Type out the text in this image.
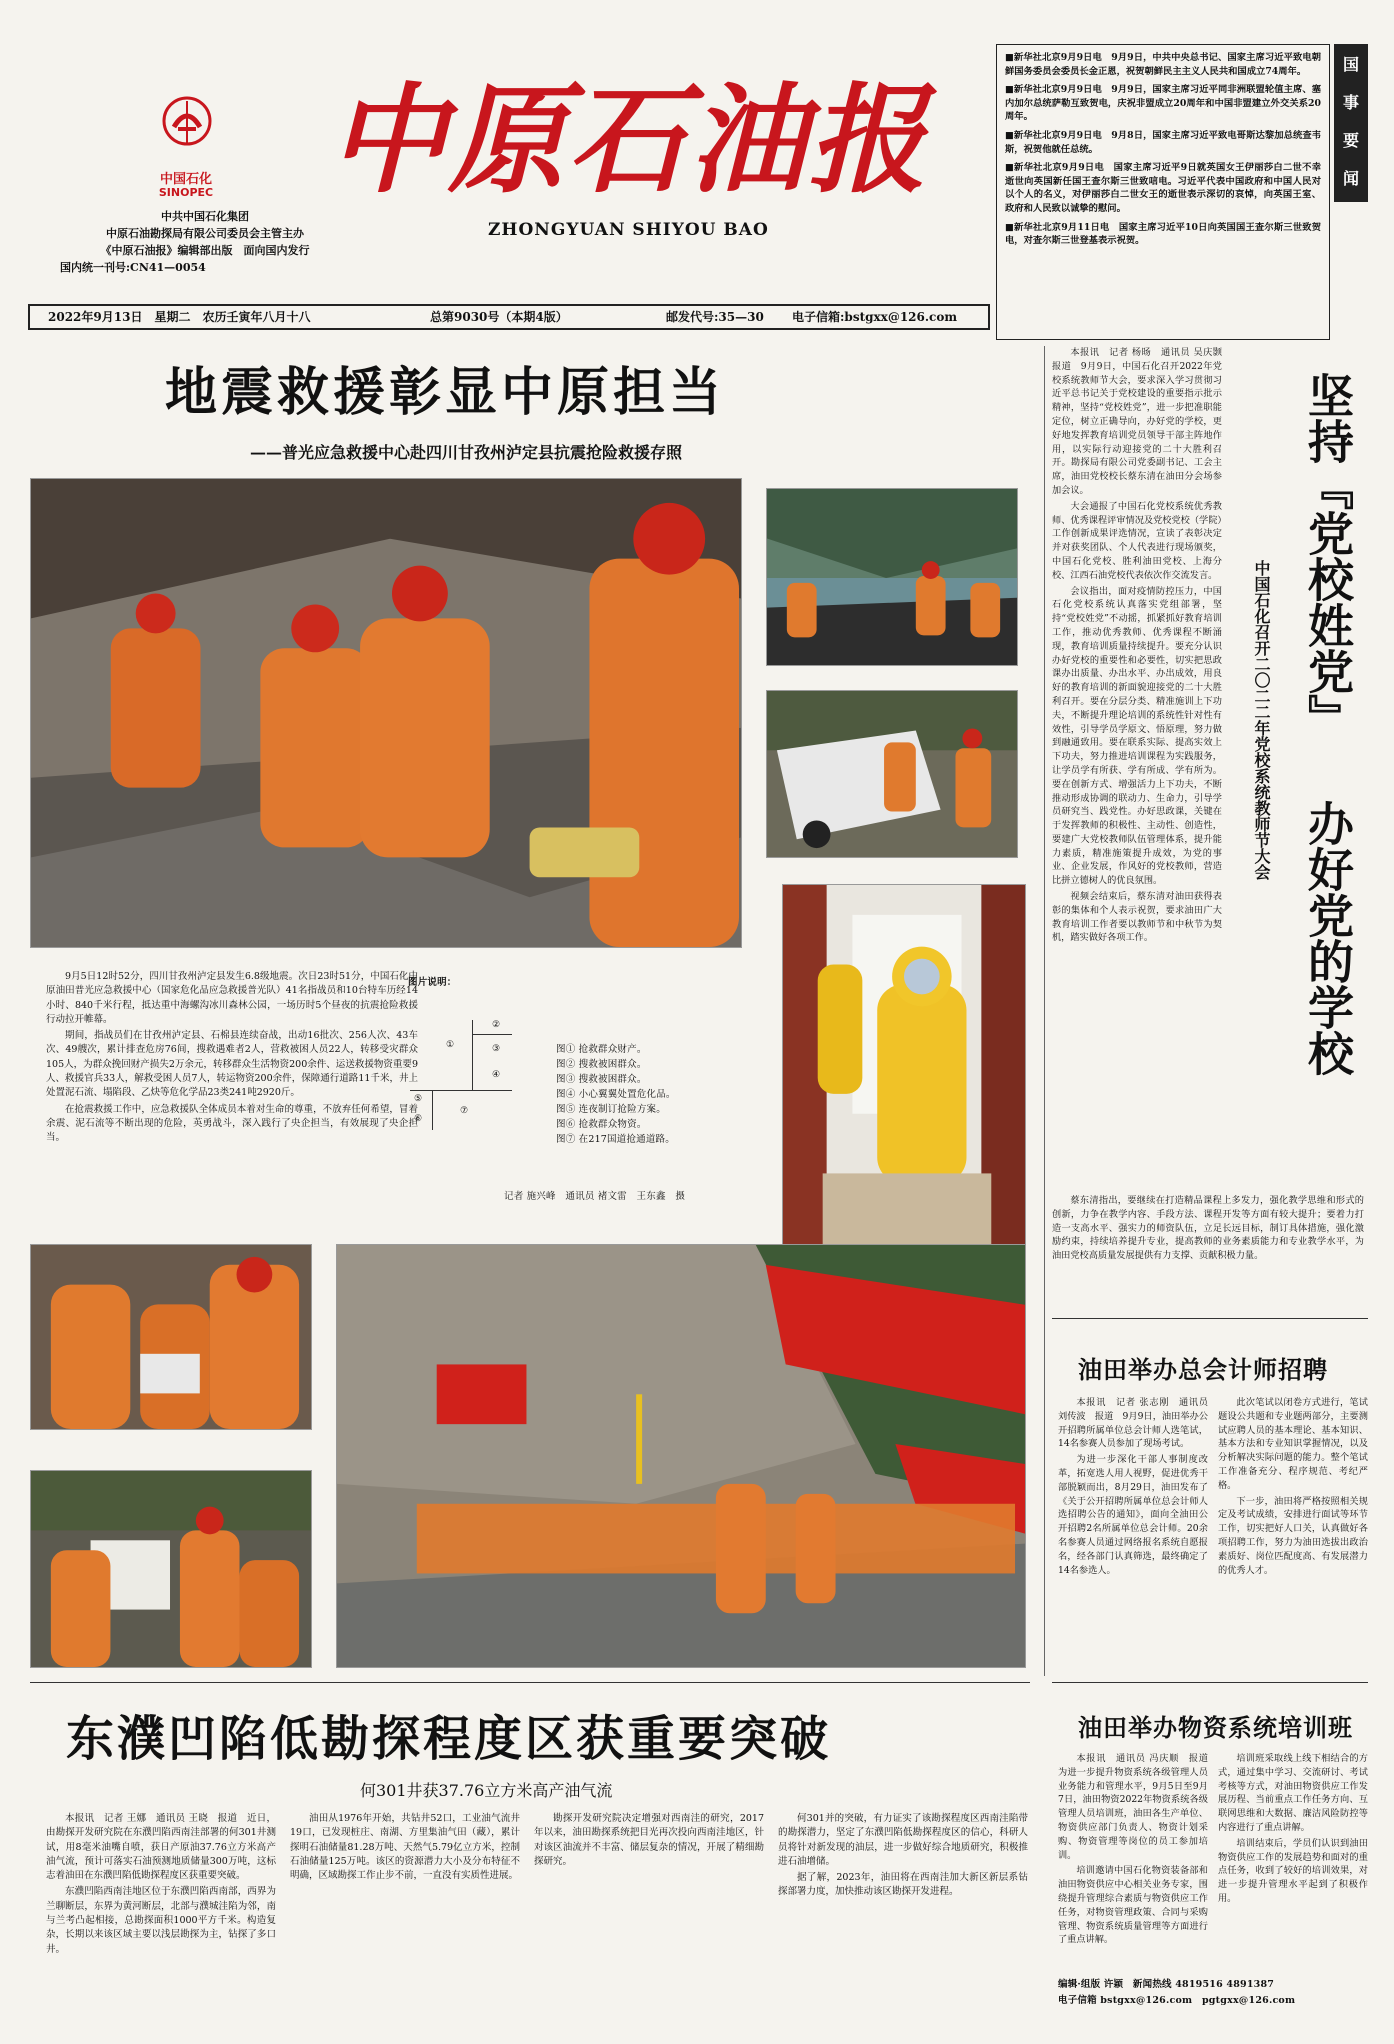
中国石化
SINOPEC 中原石油报
ZHONGYUAN SHIYOU BAO
中共中国石化集团
中原石油勘探局有限公司委员会主管主办
《中原石油报》编辑部出版　面向国内发行
国内统一刊号:CN41—0054
2022年9月13日　星期二　农历壬寅年八月十八	总第9030号（本期4版）	邮发代号:35—30 电子信箱:bstgxx@126.com

■新华社北京9月9日电　9月9日，中共中央总书记、国家主席习近平致电朝鲜国务委员会委员长金正恩，祝贺朝鲜民主主义人民共和国成立74周年。

■新华社北京9月9日电　9月9日，国家主席习近平同非洲联盟轮值主席、塞内加尔总统萨勒互致贺电，庆祝非盟成立20周年和中国非盟建立外交关系20周年。

■新华社北京9月9日电　9月8日，国家主席习近平致电哥斯达黎加总统查韦斯，祝贺他就任总统。

■新华社北京9月9日电　国家主席习近平9日就英国女王伊丽莎白二世不幸逝世向英国新任国王查尔斯三世致唁电。习近平代表中国政府和中国人民对以个人的名义，对伊丽莎白二世女王的逝世表示深切的哀悼，向英国王室、政府和人民致以诚挚的慰问。

■新华社北京9月11日电　国家主席习近平10日向英国国王查尔斯三世致贺电，对查尔斯三世登基表示祝贺。

国
事
要
闻
地震救援彰显中原担当
——普光应急救援中心赴四川甘孜州泸定县抗震抢险救援存照

9月5日12时52分，四川甘孜州泸定县发生6.8级地震。次日23时51分，中国石化中原油田普光应急救援中心（国家危化品应急救援普光队）41名指战员和10台特车历经14小时、840千米行程，抵达重中海螺沟冰川森林公园，一场历时5个昼夜的抗震抢险救援行动拉开帷幕。

期间，指战员们在甘孜州泸定县、石棉县连续奋战，出动16批次、256人次、43车次、49艘次，累计排查危房76间，搜救遇难者2人，营救被困人员22人，转移受灾群众105人，为群众挽回财产损失2万余元，转移群众生活物资200余件、运送救援物资重要9人、救援官兵33人，解救受困人员7人，转运物资200余件，保障通行道路11千米，井上处置泥石流、塌陷段、乙炔等危化学品23类241吨2920斤。

在抢震救援工作中，应急救援队全体成员本着对生命的尊重，不放弃任何希望，冒着余震、泥石流等不断出现的危险，英勇战斗，深入践行了央企担当，有效展现了央企担当。

图片说明：
①
②
③
④
⑤
⑥
⑦
图① 抢救群众财产。
图② 搜救被困群众。
图③ 搜救被困群众。
图④ 小心翼翼处置危化品。
图⑤ 连夜制订抢险方案。
图⑥ 抢救群众物资。
图⑦ 在217国道抢通道路。
记者 施兴峰　通讯员 褚文雷　王东鑫　摄

本报讯　记者 杨旸　通讯员 吴庆颢　报道　9月9日，中国石化召开2022年党校系统教师节大会，要求深入学习贯彻习近平总书记关于党校建设的重要指示批示精神，坚持“党校姓党”，进一步把准职能定位，树立正确导向，办好党的学校，更好地发挥教育培训党员领导干部主阵地作用，以实际行动迎接党的二十大胜利召开。勘探局有限公司党委副书记、工会主席，油田党校校长蔡东清在油田分会场参加会议。

大会通报了中国石化党校系统优秀教师、优秀课程评审情况及党校党校（学院）工作创新成果评选情况，宣读了表彰决定并对获奖团队、个人代表进行现场颁奖，中国石化党校、胜利油田党校、上海分校、江西石油党校代表依次作交流发言。

会议指出，面对疫情防控压力，中国石化党校系统认真落实党组部署，坚持“党校姓党”不动摇，抓紧抓好教育培训工作，推动优秀教师、优秀课程不断涌现，教育培训质量持续提升。要充分认识办好党校的重要性和必要性，切实把思政课办出质量、办出水平、办出成效，用良好的教育培训的新面貌迎接党的二十大胜利召开。要在分层分类、精准施训上下功夫，不断提升理论培训的系统性针对性有效性，引导学员学原文、悟原理，努力做到融通致用。要在联系实际、提高实效上下功夫，努力推进培训课程为实践服务，让学员学有所获、学有所成、学有所为。要在创新方式、增强活力上下功夫，不断推动形成协调的联动力、生命力，引导学员研究当、践党性。办好思政课，关键在于发挥教师的积极性、主动性、创造性，要建广大党校教师队伍管理体系，提升能力素质，精准施策提升成效，为党的事业、企业发展，作风好的党校教师，营造比拼立德树人的优良氛围。

视频会结束后，蔡东清对油田获得表彰的集体和个人表示祝贺，要求油田广大教育培训工作者要以教师节和中秋节为契机，踏实做好各项工作。

坚持『党校姓党』
办好党的学校
中国石化召开二〇二二年党校系统教师节大会

蔡东清指出，要继续在打造精品课程上多发力，强化教学思维和形式的创新，力争在教学内容、手段方法、课程开发等方面有较大提升；要着力打造一支高水平、强实力的师资队伍，立足长远目标，制订具体措施，强化激励约束，持续培养提升专业，提高教师的业务素质能力和专业教学水平，为油田党校高质量发展提供有力支撑、贡献积极力量。

油田举办总会计师招聘

本报讯　记者 张志刚　通讯员 刘传波　报道　9月9日，油田举办公开招聘所属单位总会计师人选笔试，14名参赛人员参加了现场考试。

为进一步深化干部人事制度改革，拓宽选人用人视野，促进优秀干部脱颖而出，8月29日，油田发布了《关于公开招聘所属单位总会计师人选招聘公告的通知》，面向全油田公开招聘2名所属单位总会计师。20余名参赛人员通过网络报名系统自愿报名，经各部门认真筛选，最终确定了14名参选人。

此次笔试以闭卷方式进行，笔试题设公共题和专业题两部分，主要测试应聘人员的基本理论、基本知识、基本方法和专业知识掌握情况，以及分析解决实际问题的能力。整个笔试工作准备充分、程序规范、考纪严格。

下一步，油田将严格按照相关规定及考试成绩，安排进行面试等环节工作，切实把好人口关，认真做好各项招聘工作，努力为油田选拔出政治素质好、岗位匹配度高、有发展潜力的优秀人才。

油田举办物资系统培训班

本报讯　通讯员 冯庆顺　报道　为进一步提升物资系统各级管理人员业务能力和管理水平，9月5日至9月7日，油田物资2022年物资系统各级管理人员培训班，油田各生产单位、物资供应部门负责人、物资计划采购、物资管理等岗位的员工参加培训。

培训邀请中国石化物资装备部和油田物资供应中心相关业务专家，围绕提升管理综合素质与物资供应工作任务，对物资管理政策、合同与采购管理、物资系统质量管理等方面进行了重点讲解。

培训班采取线上线下相结合的方式，通过集中学习、交流研讨、考试考核等方式，对油田物资供应工作发展历程、当前重点工作任务方向、互联网思维和大数据、廉洁风险防控等内容进行了重点讲解。

培训结束后，学员们认识到油田物资供应工作的发展趋势和面对的重点任务，收到了较好的培训效果，对进一步提升管理水平起到了积极作用。

编辑·组版 许颖　新闻热线 4819516 4891387
电子信箱 bstgxx@126.com　pgtgxx@126.com
东濮凹陷低勘探程度区获重要突破
何301井获37.76立方米高产油气流

本报讯　记者 王娜　通讯员 王晓　报道　近日，由勘探开发研究院在东濮凹陷西南洼部署的何301井测试，用8毫米油嘴自喷，获日产原油37.76立方米高产油气流，预计可落实石油预测地质储量300万吨，这标志着油田在东濮凹陷低勘探程度区获重要突破。

东濮凹陷西南洼地区位于东濮凹陷西南部，西界为兰聊断层，东界为黄河断层，北部与濮城洼陷为邻，南与兰考凸起相接，总勘探面积1000平方千米。构造复杂，长期以来该区域主要以浅层勘探为主，钻探了多口井。

油田从1976年开始，共钻井52口，工业油气流井19口，已发现桩庄、南湖、方里集油气田（藏），累计探明石油储量81.28万吨、天然气5.79亿立方米，控制石油储量125万吨。该区的资源潜力大小及分布特征不明确，区域勘探工作止步不前，一直没有实质性进展。

勘探开发研究院决定增强对西南洼的研究，2017年以来，油田勘探系统把目光再次投向西南洼地区，针对该区油流并不丰富、储层复杂的情况，开展了精细勘探研究。

何301并的突破，有力证实了该勘探程度区西南洼陷带的勘探潜力，坚定了东濮凹陷低勘探程度区的信心，科研人员将针对新发现的油层，进一步做好综合地质研究，积极推进石油增储。

据了解，2023年，油田将在西南洼加大新区新层系钻探部署力度，加快推动该区勘探开发进程。
